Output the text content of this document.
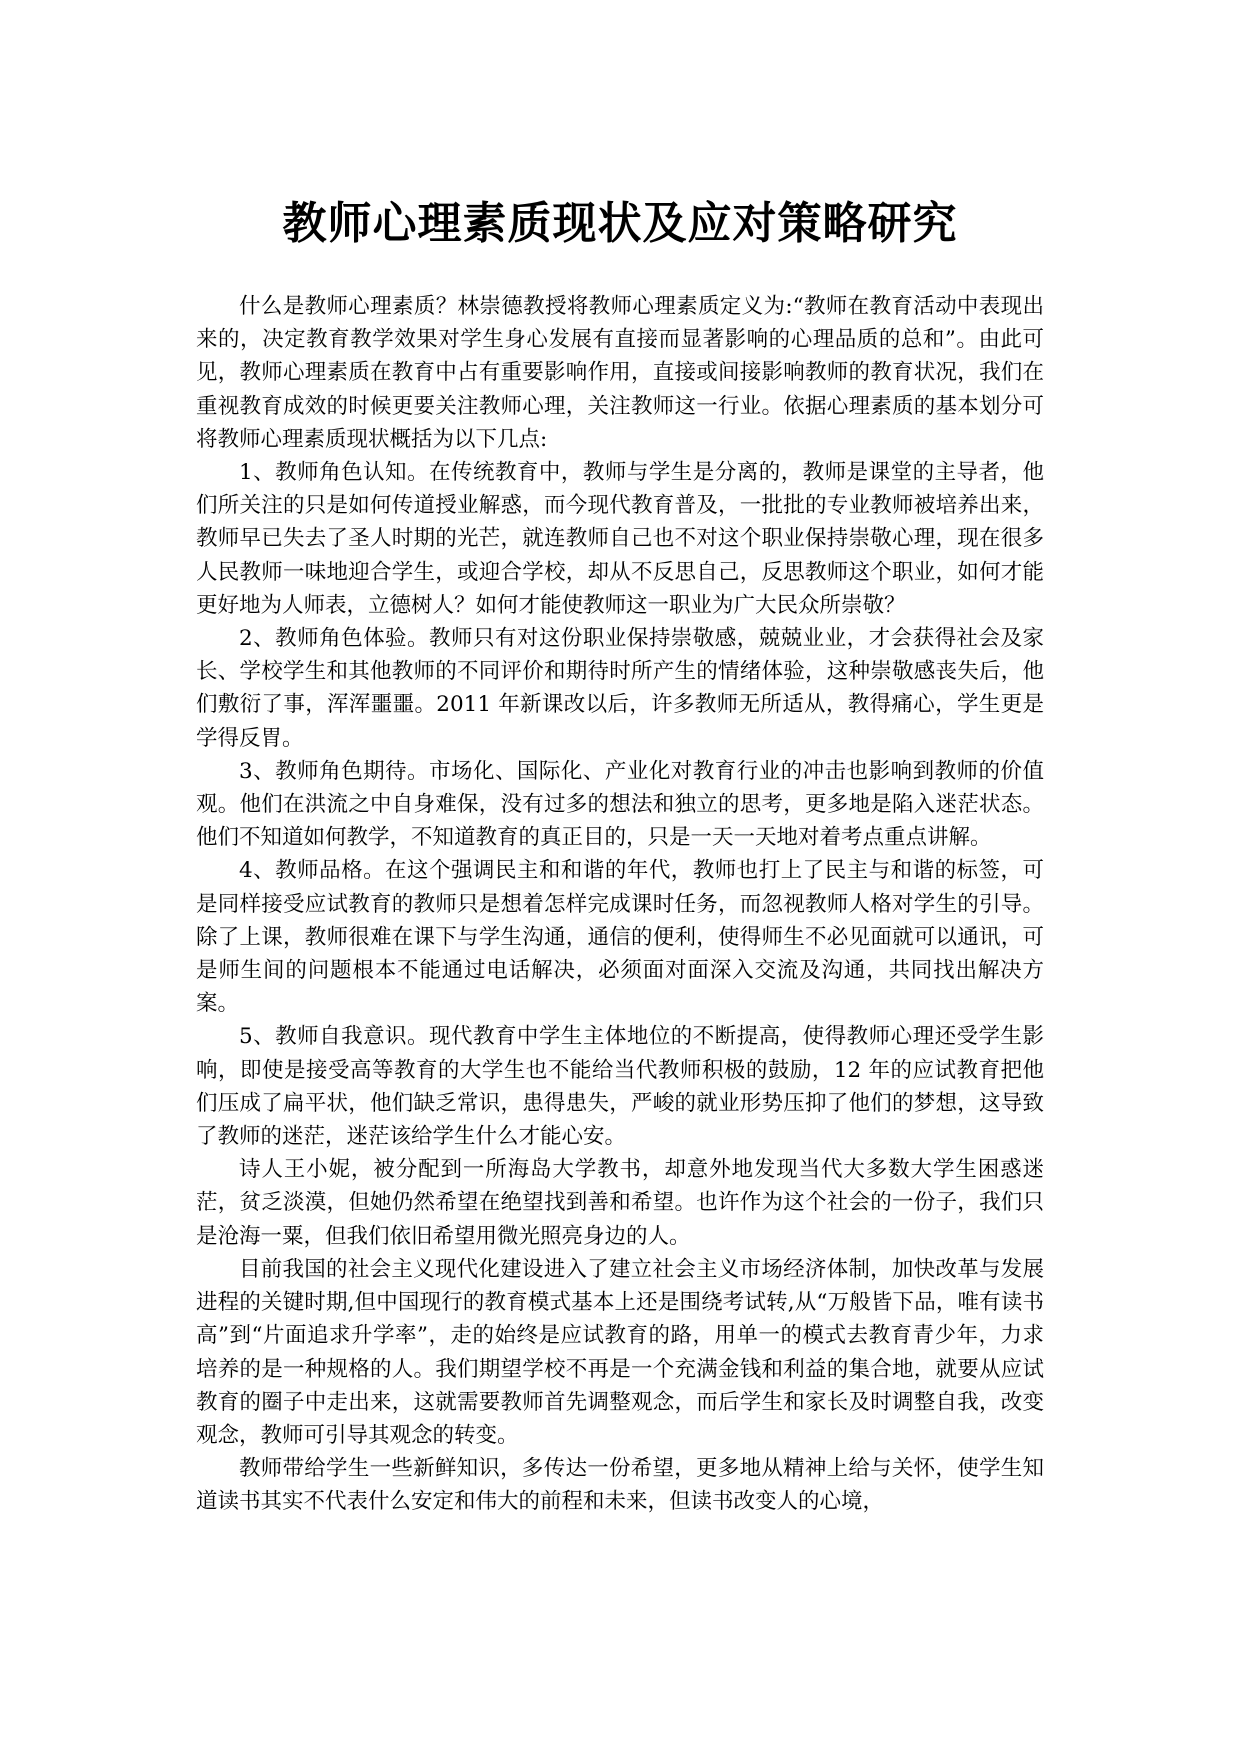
教师心理素质现状及应对策略研究

什么是教师心理素质？林崇德教授将教师心理素质定义为:“教师在教育活动中表现出来的，决定教育教学效果对学生身心发展有直接而显著影响的心理品质的总和”。由此可见，教师心理素质在教育中占有重要影响作用，直接或间接影响教师的教育状况，我们在重视教育成效的时候更要关注教师心理，关注教师这一行业。依据心理素质的基本划分可将教师心理素质现状概括为以下几点:

1、教师角色认知。在传统教育中，教师与学生是分离的，教师是课堂的主导者，他们所关注的只是如何传道授业解惑，而今现代教育普及，一批批的专业教师被培养出来，教师早已失去了圣人时期的光芒，就连教师自己也不对这个职业保持崇敬心理，现在很多人民教师一味地迎合学生，或迎合学校，却从不反思自己，反思教师这个职业，如何才能更好地为人师表，立德树人？如何才能使教师这一职业为广大民众所崇敬？

2、教师角色体验。教师只有对这份职业保持崇敬感，兢兢业业，才会获得社会及家长、学校学生和其他教师的不同评价和期待时所产生的情绪体验，这种崇敬感丧失后，他们敷衍了事，浑浑噩噩。2011 年新课改以后，许多教师无所适从，教得痛心，学生更是学得反胃。

3、教师角色期待。市场化、国际化、产业化对教育行业的冲击也影响到教师的价值观。他们在洪流之中自身难保，没有过多的想法和独立的思考，更多地是陷入迷茫状态。他们不知道如何教学，不知道教育的真正目的，只是一天一天地对着考点重点讲解。

4、教师品格。在这个强调民主和和谐的年代，教师也打上了民主与和谐的标签，可是同样接受应试教育的教师只是想着怎样完成课时任务，而忽视教师人格对学生的引导。除了上课，教师很难在课下与学生沟通，通信的便利，使得师生不必见面就可以通讯，可是师生间的问题根本不能通过电话解决，必须面对面深入交流及沟通，共同找出解决方案。

5、教师自我意识。现代教育中学生主体地位的不断提高，使得教师心理还受学生影响，即使是接受高等教育的大学生也不能给当代教师积极的鼓励，12 年的应试教育把他们压成了扁平状，他们缺乏常识，患得患失，严峻的就业形势压抑了他们的梦想，这导致了教师的迷茫，迷茫该给学生什么才能心安。

诗人王小妮，被分配到一所海岛大学教书，却意外地发现当代大多数大学生困惑迷茫，贫乏淡漠，但她仍然希望在绝望找到善和希望。也许作为这个社会的一份子，我们只是沧海一粟，但我们依旧希望用微光照亮身边的人。

目前我国的社会主义现代化建设进入了建立社会主义市场经济体制，加快改革与发展进程的关键时期,但中国现行的教育模式基本上还是围绕考试转,从“万般皆下品，唯有读书高”到“片面追求升学率”，走的始终是应试教育的路，用单一的模式去教育青少年，力求培养的是一种规格的人。我们期望学校不再是一个充满金钱和利益的集合地，就要从应试教育的圈子中走出来，这就需要教师首先调整观念，而后学生和家长及时调整自我，改变观念，教师可引导其观念的转变。

教师带给学生一些新鲜知识，多传达一份希望，更多地从精神上给与关怀，使学生知道读书其实不代表什么安定和伟大的前程和未来，但读书改变人的心境，
